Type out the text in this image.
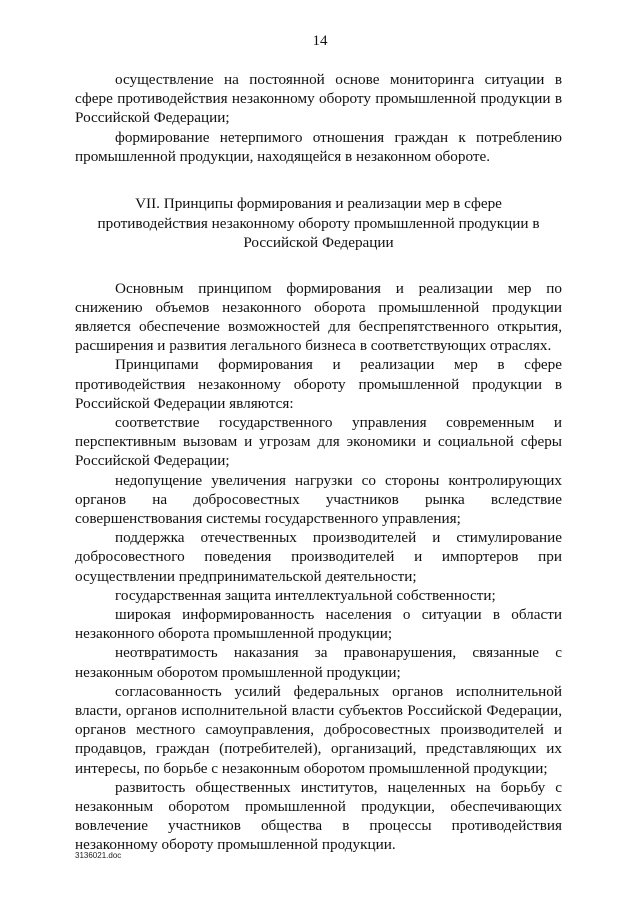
14

осуществление на постоянной основе мониторинга ситуации в сфере противодействия незаконному обороту промышленной продукции в Российской Федерации;

формирование нетерпимого отношения граждан к потреблению промышленной продукции, находящейся в незаконном обороте.

VII. Принципы формирования и реализации мер в сфере противодействия незаконному обороту промышленной продукции в Российской Федерации

Основным принципом формирования и реализации мер по снижению объемов незаконного оборота промышленной продукции является обеспечение возможностей для беспрепятственного открытия, расширения и развития легального бизнеса в соответствующих отраслях.

Принципами формирования и реализации мер в сфере противодействия незаконному обороту промышленной продукции в Российской Федерации являются:

соответствие государственного управления современным и перспективным вызовам и угрозам для экономики и социальной сферы Российской Федерации;

недопущение увеличения нагрузки со стороны контролирующих органов на добросовестных участников рынка вследствие совершенствования системы государственного управления;

поддержка отечественных производителей и стимулирование добросовестного поведения производителей и импортеров при осуществлении предпринимательской деятельности;

государственная защита интеллектуальной собственности;

широкая информированность населения о ситуации в области незаконного оборота промышленной продукции;

неотвратимость наказания за правонарушения, связанные с незаконным оборотом промышленной продукции;

согласованность усилий федеральных органов исполнительной власти, органов исполнительной власти субъектов Российской Федерации, органов местного самоуправления, добросовестных производителей и продавцов, граждан (потребителей), организаций, представляющих их интересы, по борьбе с незаконным оборотом промышленной продукции;

развитость общественных институтов, нацеленных на борьбу с незаконным оборотом промышленной продукции, обеспечивающих вовлечение участников общества в процессы противодействия незаконному обороту промышленной продукции.

3136021.doc
